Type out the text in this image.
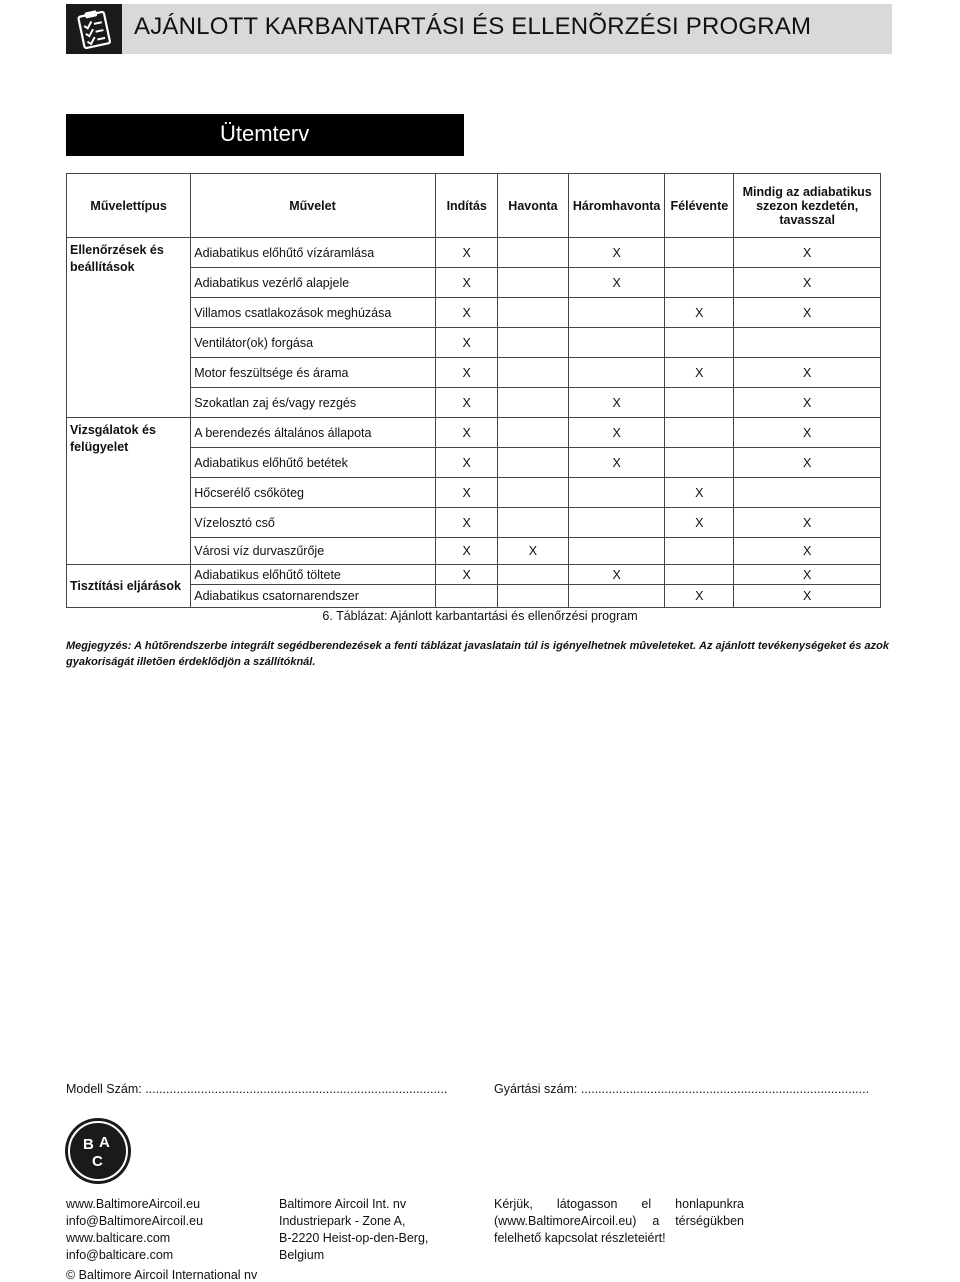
AJÁNLOTT KARBANTARTÁSI ÉS ELLENÕRZÉSI PROGRAM
Ütemterv
Művelettípus	Művelet	Indítás	Havonta	Háromhavonta	Félévente	Mindig az adiabatikus szezon kezdetén, tavasszal
Ellenőrzések és beállítások	Adiabatikus előhűtő vízáramlása	X		X		X
	Adiabatikus vezérlő alapjele	X		X		X
	Villamos csatlakozások meghúzása	X			X	X
	Ventilátor(ok) forgása	X				
	Motor feszültsége és árama	X			X	X
	Szokatlan zaj és/vagy rezgés	X		X		X
Vizsgálatok és felügyelet	A berendezés általános állapota	X		X		X
	Adiabatikus előhűtő betétek	X		X		X
	Hőcserélő csőköteg	X			X	
	Vízelosztó cső	X			X	X
	Városi víz durvaszűrője	X	X			X
Tisztítási eljárások	Adiabatikus előhűtő töltete	X		X		X
	Adiabatikus csatornarendszer				X	X
6. Táblázat: Ajánlott karbantartási és ellenőrzési program
Megjegyzés: A hûtõrendszerbe integrált segédberendezések a fenti táblázat javaslatain túl is igényelhetnek mûveleteket. Az ajánlott tevékenységeket és azok gyakoriságát illetõen érdeklõdjön a szállítóknál.
Modell Szám: .......................................................................................	Gyártási szám: ...................................................................................
B A
C
www.BaltimoreAircoil.eu
info@BaltimoreAircoil.eu
www.balticare.com
info@balticare.com
Baltimore Aircoil Int. nv
Industriepark - Zone A,
B-2220 Heist-op-den-Berg,
Belgium
Kérjük, látogasson el honlapunkra (www.BaltimoreAircoil.eu) a térségükben felelhető kapcsolat részleteiért!
© Baltimore Aircoil International nv
